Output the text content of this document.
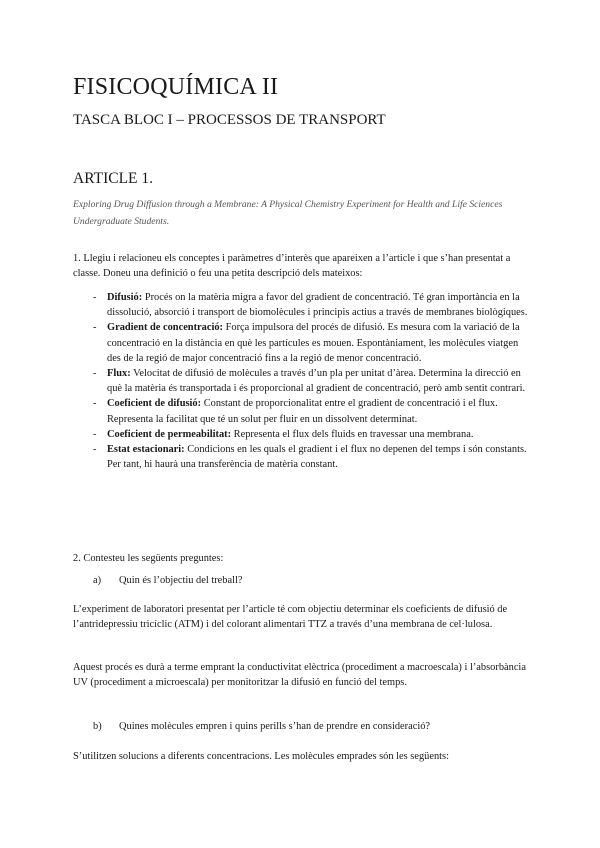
FISICOQUÍMICA II
TASCA BLOC I – PROCESSOS DE TRANSPORT
ARTICLE 1.

Exploring Drug Diffusion through a Membrane: A Physical Chemistry Experiment for Health and Life Sciences Undergraduate Students.

1. Llegiu i relacioneu els conceptes i paràmetres d’interès que apareixen a l’article i que s’han presentat a classe. Doneu una definició o feu una petita descripció dels mateixos:

- Difusió: Procés on la matèria migra a favor del gradient de concentració. Té gran importància en la dissolució, absorció i transport de biomolècules i principis actius a través de membranes biològiques.
- Gradient de concentració: Força impulsora del procés de difusió. Es mesura com la variació de la concentració en la distància en què les partícules es mouen. Espontàniament, les molècules viatgen des de la regió de major concentració fins a la regió de menor concentració.
- Flux: Velocitat de difusió de molècules a través d’un pla per unitat d’àrea. Determina la direcció en què la matèria és transportada i és proporcional al gradient de concentració, però amb sentit contrari.
- Coeficient de difusió: Constant de proporcionalitat entre el gradient de concentració i el flux. Representa la facilitat que té un solut per fluir en un dissolvent determinat.
- Coeficient de permeabilitat: Representa el flux dels fluids en travessar una membrana.
- Estat estacionari: Condicions en les quals el gradient i el flux no depenen del temps i són constants. Per tant, hi haurà una transferència de matèria constant.

2. Contesteu les següents preguntes:

a) Quin és l’objectiu del treball?

L’experiment de laboratori presentat per l’article té com objectiu determinar els coeficients de difusió de l’antridepressiu tricíclic (ATM) i del colorant alimentari TTZ a través d’una membrana de cel·lulosa.

Aquest procés es durà a terme emprant la conductivitat elèctrica (procediment a macroescala) i l’absorbància UV (procediment a microescala) per monitoritzar la difusió en funció del temps.

b) Quines molècules empren i quins perills s’han de prendre en consideració?

S’utilitzen solucions a diferents concentracions. Les molècules emprades són les següents:
